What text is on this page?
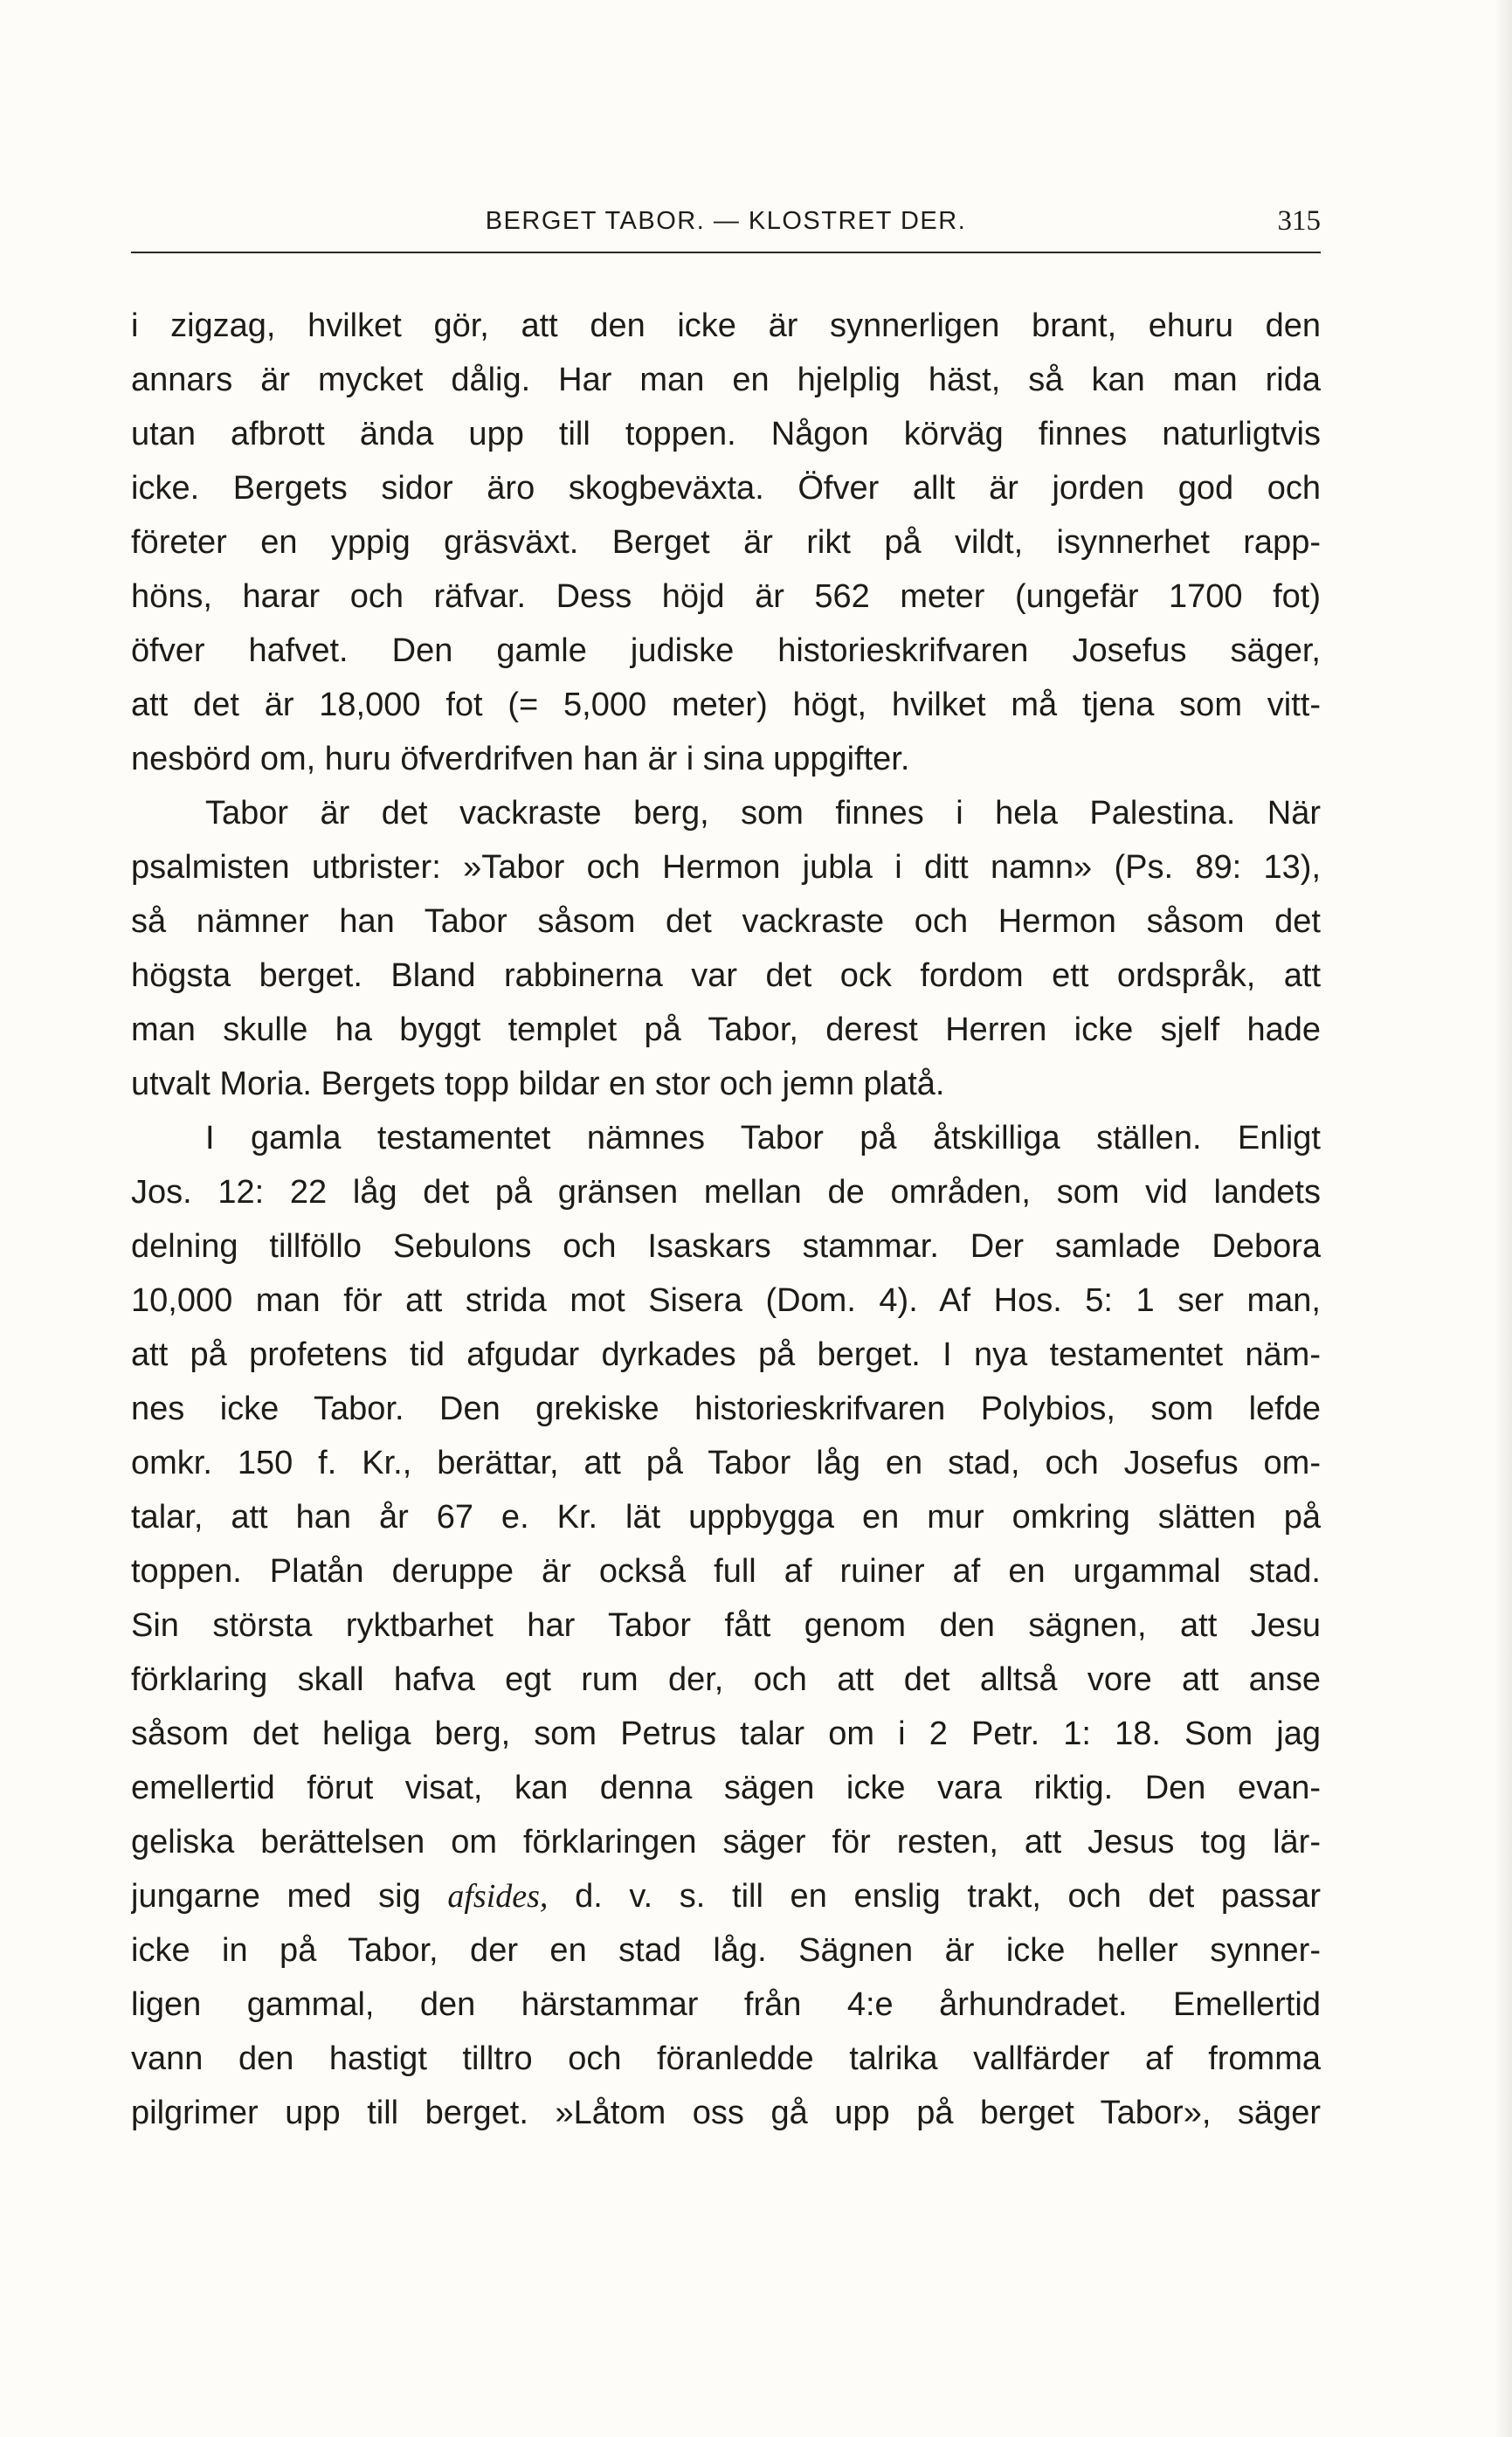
BERGET TABOR. — KLOSTRET DER.	315
i zigzag, hvilket gör, att den icke är synnerligen brant, ehuru den
annars är mycket dålig. Har man en hjelplig häst, så kan man rida
utan afbrott ända upp till toppen. Någon körväg finnes naturligtvis
icke. Bergets sidor äro skogbeväxta. Öfver allt är jorden god och
företer en yppig gräsväxt. Berget är rikt på vildt, isynnerhet rapp-
höns, harar och räfvar. Dess höjd är 562 meter (ungefär 1700 fot)
öfver hafvet. Den gamle judiske historieskrifvaren Josefus säger,
att det är 18,000 fot (= 5,000 meter) högt, hvilket må tjena som vitt-
nesbörd om, huru öfverdrifven han är i sina uppgifter.
Tabor är det vackraste berg, som finnes i hela Palestina. När
psalmisten utbrister: »Tabor och Hermon jubla i ditt namn» (Ps. 89: 13),
så nämner han Tabor såsom det vackraste och Hermon såsom det
högsta berget. Bland rabbinerna var det ock fordom ett ordspråk, att
man skulle ha byggt templet på Tabor, derest Herren icke sjelf hade
utvalt Moria. Bergets topp bildar en stor och jemn platå.
I gamla testamentet nämnes Tabor på åtskilliga ställen. Enligt
Jos. 12: 22 låg det på gränsen mellan de områden, som vid landets
delning tillföllo Sebulons och Isaskars stammar. Der samlade Debora
10,000 man för att strida mot Sisera (Dom. 4). Af Hos. 5: 1 ser man,
att på profetens tid afgudar dyrkades på berget. I nya testamentet näm-
nes icke Tabor. Den grekiske historieskrifvaren Polybios, som lefde
omkr. 150 f. Kr., berättar, att på Tabor låg en stad, och Josefus om-
talar, att han år 67 e. Kr. lät uppbygga en mur omkring slätten på
toppen. Platån deruppe är också full af ruiner af en urgammal stad.
Sin största ryktbarhet har Tabor fått genom den sägnen, att Jesu
förklaring skall hafva egt rum der, och att det alltså vore att anse
såsom det heliga berg, som Petrus talar om i 2 Petr. 1: 18. Som jag
emellertid förut visat, kan denna sägen icke vara riktig. Den evan-
geliska berättelsen om förklaringen säger för resten, att Jesus tog lär-
jungarne med sig afsides, d. v. s. till en enslig trakt, och det passar
icke in på Tabor, der en stad låg. Sägnen är icke heller synner-
ligen gammal, den härstammar från 4:e århundradet. Emellertid
vann den hastigt tilltro och föranledde talrika vallfärder af fromma
pilgrimer upp till berget. »Låtom oss gå upp på berget Tabor», säger
